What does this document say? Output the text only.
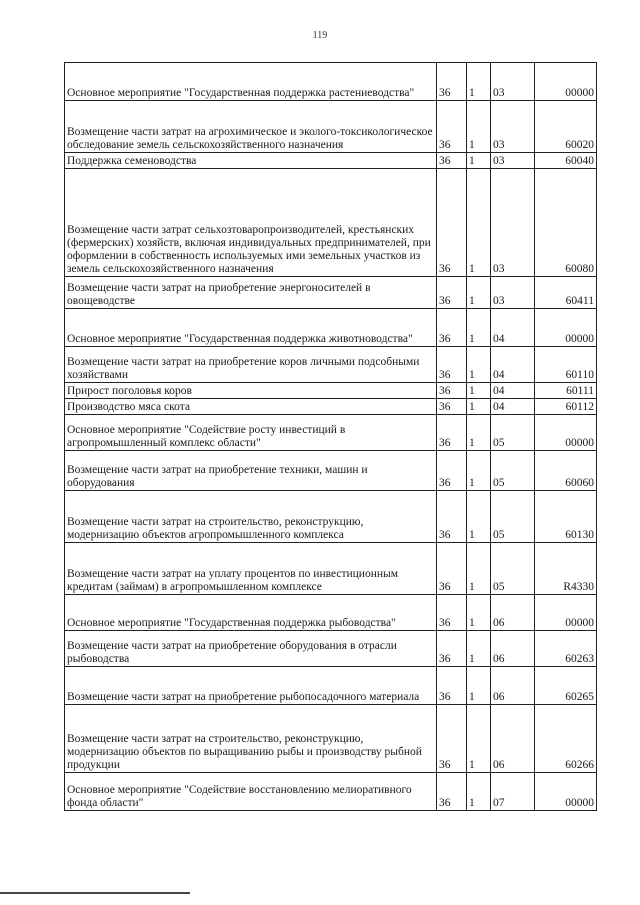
119
Основное мероприятие "Государственная поддержка растениеводства"	36	1	03	00000
Возмещение части затрат на агрохимическое и эколого-токсикологическое обследование земель сельскохозяйственного назначения	36	1	03	60020
Поддержка семеноводства	36	1	03	60040
Возмещение части затрат сельхозтоваропроизводителей, крестьянских (фермерских) хозяйств, включая индивидуальных предпринимателей, при оформлении в собственность используемых ими земельных участков из земель сельскохозяйственного назначения	36	1	03	60080
Возмещение части затрат на приобретение энергоносителей в овощеводстве	36	1	03	60411
Основное мероприятие "Государственная поддержка животноводства"	36	1	04	00000
Возмещение части затрат на приобретение коров личными подсобными хозяйствами	36	1	04	60110
Прирост поголовья коров	36	1	04	60111
Производство мяса скота	36	1	04	60112
Основное мероприятие "Содействие росту инвестиций в агропромышленный комплекс области"	36	1	05	00000
Возмещение части затрат на приобретение техники, машин и оборудования	36	1	05	60060
Возмещение части затрат на строительство, реконструкцию, модернизацию объектов агропромышленного комплекса	36	1	05	60130
Возмещение части затрат на уплату процентов по инвестиционным кредитам (займам) в агропромышленном комплексе	36	1	05	R4330
Основное мероприятие "Государственная поддержка рыбоводства"	36	1	06	00000
Возмещение части затрат на приобретение оборудования в отрасли рыбоводства	36	1	06	60263
Возмещение части затрат на приобретение рыбопосадочного материала	36	1	06	60265
Возмещение части затрат на строительство, реконструкцию, модернизацию объектов по выращиванию рыбы и производству рыбной продукции	36	1	06	60266
Основное мероприятие "Содействие восстановлению мелиоративного фонда области"	36	1	07	00000
